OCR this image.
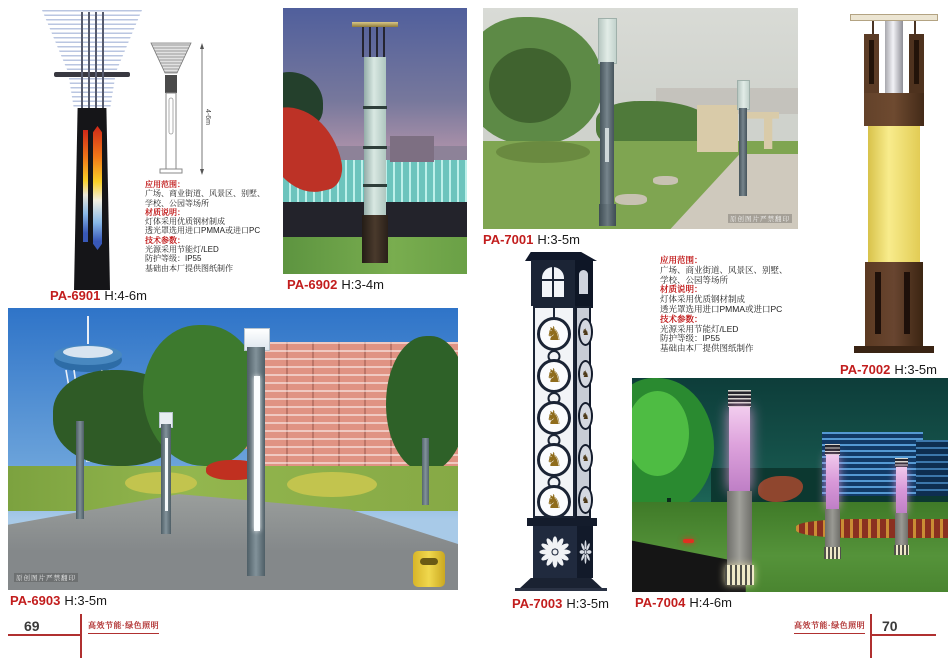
4-6m
应用范围：
广场、商业街道、风景区、别墅、
学校、公园等场所
材质说明：
灯体采用优质钢材制成
透光罩选用进口PMMA或进口PC
技术参数：
光源采用节能灯/LED
防护等级：IP55
基础由本厂提供图纸制作
PA-6901 H:4-6m
PA-6902 H:3-4m
原创图片严禁翻印
PA-7001 H:3-5m
应用范围：
广场、商业街道、风景区、别墅、
学校、公园等场所
材质说明：
灯体采用优质钢材制成
透光罩选用进口PMMA或进口PC
技术参数：
光源采用节能灯/LED
防护等级：IP55
基础由本厂提供图纸制作
PA-7002 H:3-5m
原创图片严禁翻印
PA-6903 H:3-5m
♞
♞
♞
♞
♞
♞
♞
♞
♞
♞
PA-7003 H:3-5m PA-7004 H:4-6m
69	高效节能·绿色照明	高效节能·绿色照明 70
